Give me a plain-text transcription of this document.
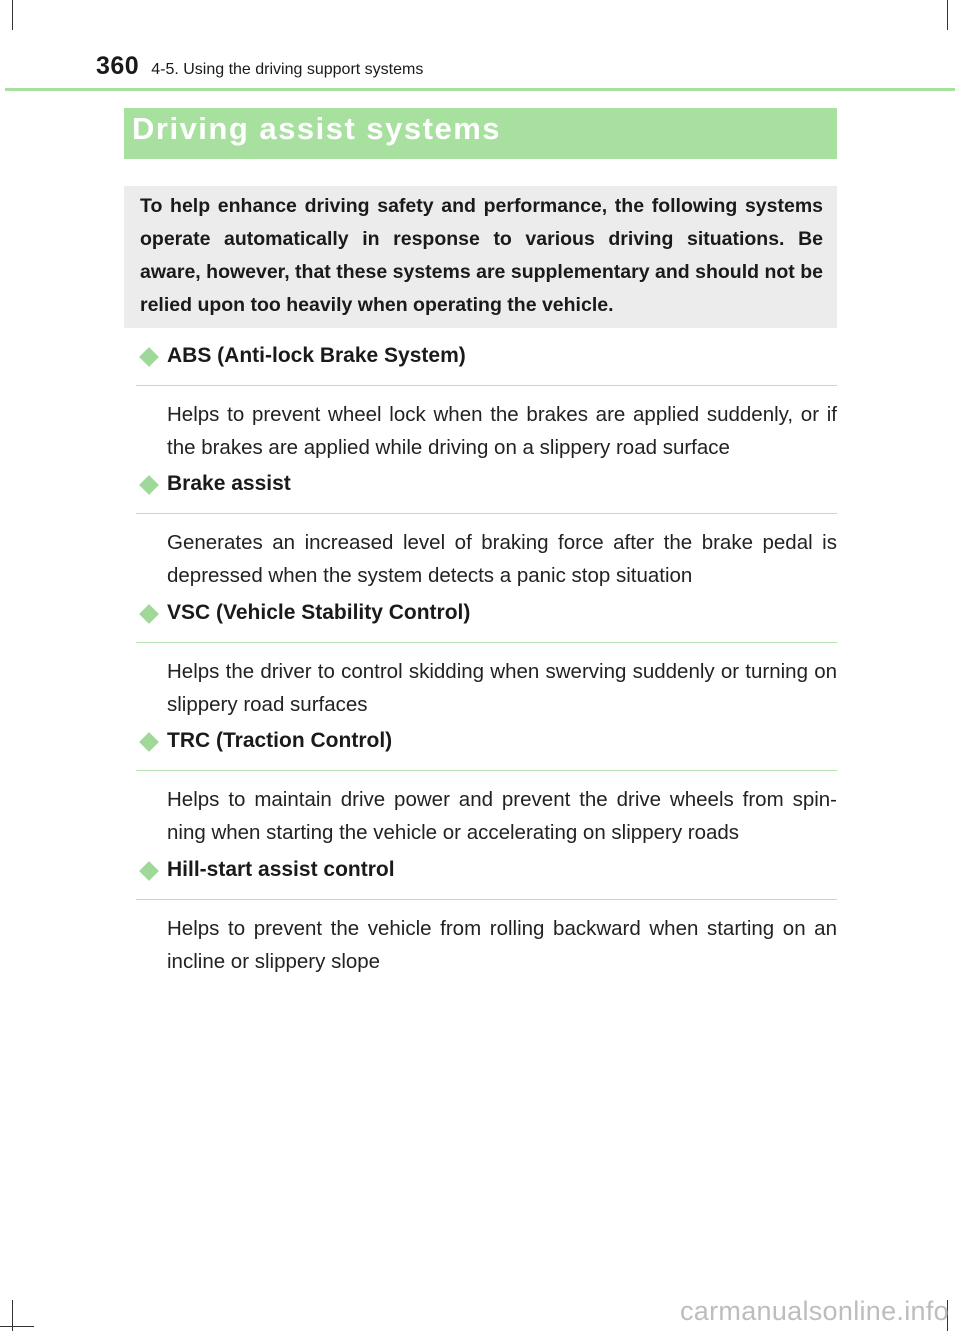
360 4-5. Using the driving support systems
Driving assist systems

To help enhance driving safety and performance, the following systems operate automatically in response to various driving situations. Be aware, however, that these systems are supplementary and should not be relied upon too heavily when operating the vehicle.

ABS (Anti-lock Brake System)

Helps to prevent wheel lock when the brakes are applied suddenly, or if the brakes are applied while driving on a slippery road surface

Brake assist

Generates an increased level of braking force after the brake pedal is depressed when the system detects a panic stop situation

VSC (Vehicle Stability Control)

Helps the driver to control skidding when swerving suddenly or turning on slippery road surfaces

TRC (Traction Control)

Helps to maintain drive power and prevent the drive wheels from spin-ning when starting the vehicle or accelerating on slippery roads

Hill-start assist control

Helps to prevent the vehicle from rolling backward when starting on an incline or slippery slope

carmanualsonline.info
